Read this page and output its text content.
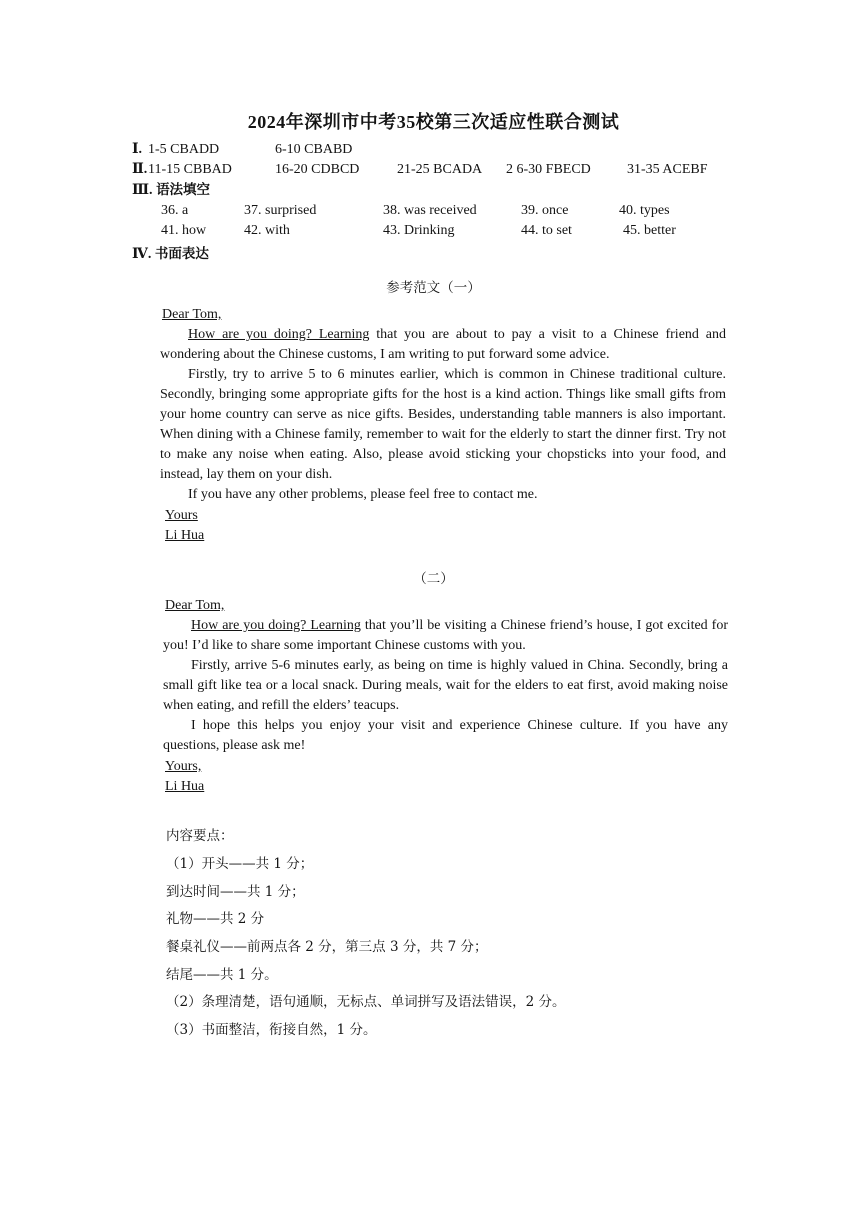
2024年深圳市中考35校第三次适应性联合测试
Ⅰ. 1-5 CBADD	6-10 CBABD
Ⅱ. 11-15 CBBAD	16-20 CDBCD	21-25 BCADA 2 6-30 FBECD	31-35 ACEBF
Ⅲ. 语法填空
36. a	37. surprised	38. was received	39. once	40. types
41. how	42. with	43. Drinking	44. to set	45. better
Ⅳ. 书面表达
参考范文（一）
Dear Tom,

How are you doing? Learning that you are about to pay a visit to a Chinese friend and wondering about the Chinese customs, I am writing to put forward some advice.

Firstly, try to arrive 5 to 6 minutes earlier, which is common in Chinese traditional culture. Secondly, bringing some appropriate gifts for the host is a kind action. Things like small gifts from your home country can serve as nice gifts. Besides, understanding table manners is also important. When dining with a Chinese family, remember to wait for the elderly to start the dinner first. Try not to make any noise when eating. Also, please avoid sticking your chopsticks into your food, and instead, lay them on your dish.

If you have any other problems, please feel free to contact me.

Yours
Li Hua
（二）
Dear Tom,

How are you doing? Learning that you’ll be visiting a Chinese friend’s house, I got excited for you! I’d like to share some important Chinese customs with you.

Firstly, arrive 5-6 minutes early, as being on time is highly valued in China. Secondly, bring a small gift like tea or a local snack. During meals, wait for the elders to eat first, avoid making noise when eating, and refill the elders’ teacups.

I hope this helps you enjoy your visit and experience Chinese culture. If you have any questions, please ask me!

Yours,
Li Hua
内容要点：
（1）开头——共 1 分；
到达时间——共 1 分；
礼物——共 2 分
餐桌礼仪——前两点各 2 分，第三点 3 分，共 7 分；
结尾——共 1 分。
（2）条理清楚，语句通顺，无标点、单词拼写及语法错误，2 分。
（3）书面整洁，衔接自然，1 分。
